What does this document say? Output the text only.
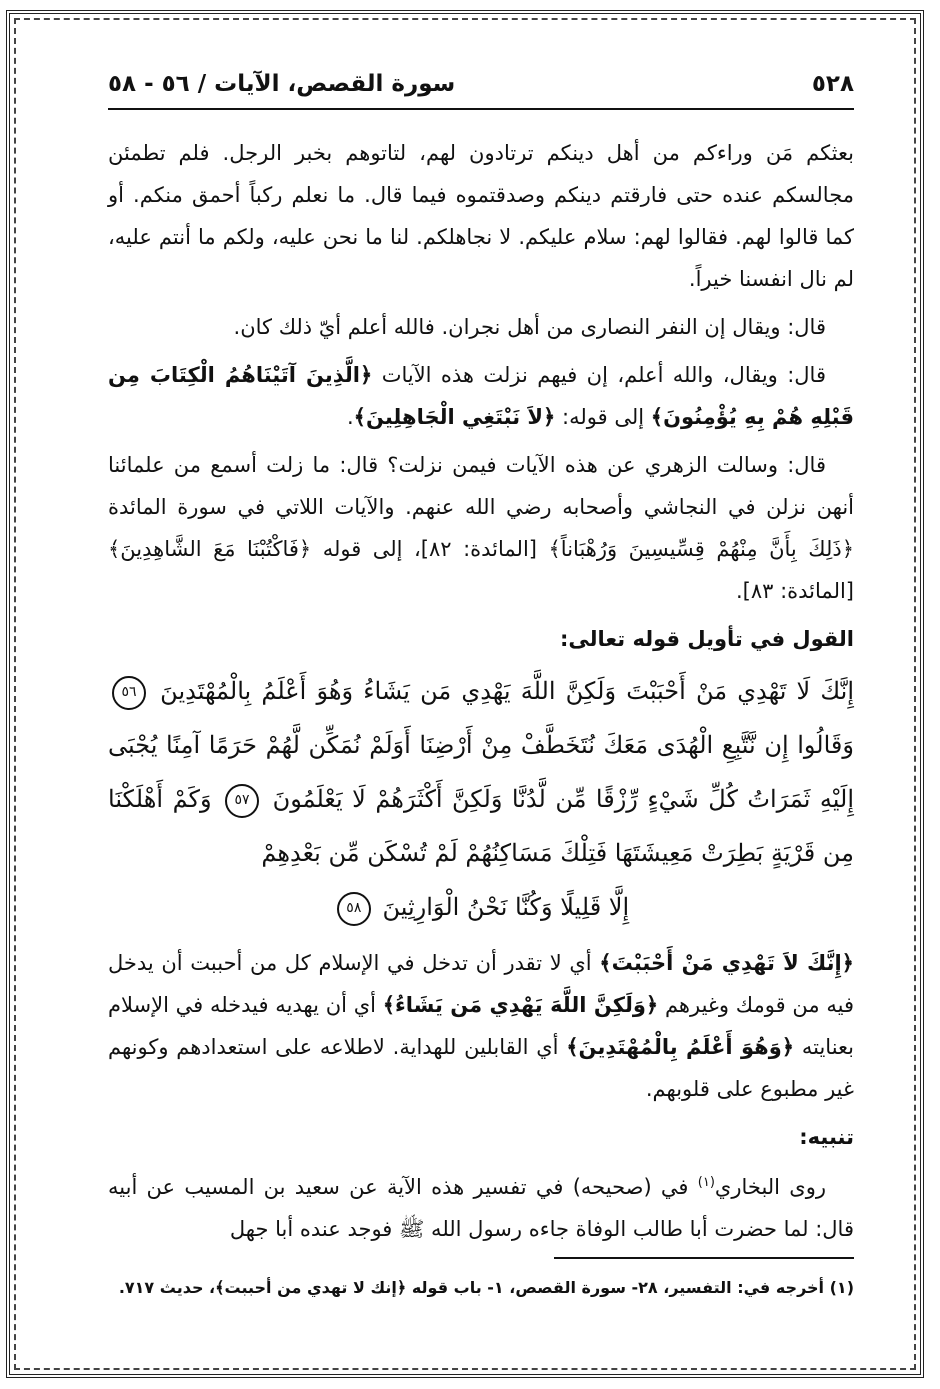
٥٢٨
سورة القصص، الآيات / ٥٦ - ٥٨

بعثكم مَن وراءكم من أهل دينكم ترتادون لهم، لتاتوهم بخبر الرجل. فلم تطمئن مجالسكم عنده حتى فارقتم دينكم وصدقتموه فيما قال. ما نعلم ركباً أحمق منكم. أو كما قالوا لهم. فقالوا لهم: سلام عليكم. لا نجاهلكم. لنا ما نحن عليه، ولكم ما أنتم عليه، لم نال انفسنا خيراً.

قال: ويقال إن النفر النصارى من أهل نجران. فالله أعلم أيّ ذلك كان.

قال: ويقال، والله أعلم، إن فيهم نزلت هذه الآيات ﴿الَّذِينَ آتَيْنَاهُمُ الْكِتَابَ مِن قَبْلِهِ هُمْ بِهِ يُؤْمِنُونَ﴾ إلى قوله: ﴿لاَ نَبْتَغِي الْجَاهِلِينَ﴾.

قال: وسالت الزهري عن هذه الآيات فيمن نزلت؟ قال: ما زلت أسمع من علمائنا أنهن نزلن في النجاشي وأصحابه رضي الله عنهم. والآيات اللاتي في سورة المائدة ﴿ذَلِكَ بِأَنَّ مِنْهُمْ قِسِّيسِينَ وَرُهْبَاناً﴾ [المائدة: ٨٢]، إلى قوله ﴿فَاكْتُبْنَا مَعَ الشَّاهِدِينَ﴾ [المائدة: ٨٣].

القول في تأويل قوله تعالى:
إِنَّكَ لَا تَهْدِي مَنْ أَحْبَبْتَ وَلَكِنَّ اللَّهَ يَهْدِي مَن يَشَاءُ وَهُوَ أَعْلَمُ بِالْمُهْتَدِينَ ٥٦ وَقَالُوا إِن نَّتَّبِعِ الْهُدَى مَعَكَ نُتَخَطَّفْ مِنْ أَرْضِنَا أَوَلَمْ نُمَكِّن لَّهُمْ حَرَمًا آمِنًا يُجْبَى إِلَيْهِ ثَمَرَاتُ كُلِّ شَيْءٍ رِّزْقًا مِّن لَّدُنَّا وَلَكِنَّ أَكْثَرَهُمْ لَا يَعْلَمُونَ ٥٧ وَكَمْ أَهْلَكْنَا مِن قَرْيَةٍ بَطِرَتْ مَعِيشَتَهَا فَتِلْكَ مَسَاكِنُهُمْ لَمْ تُسْكَن مِّن بَعْدِهِمْ
إِلَّا قَلِيلًا وَكُنَّا نَحْنُ الْوَارِثِينَ ٥٨

﴿إِنَّكَ لاَ تَهْدِي مَنْ أَحْبَبْتَ﴾ أي لا تقدر أن تدخل في الإسلام كل من أحببت أن يدخل فيه من قومك وغيرهم ﴿وَلَكِنَّ اللَّهَ يَهْدِي مَن يَشَاءُ﴾ أي أن يهديه فيدخله في الإسلام بعنايته ﴿وَهُوَ أَعْلَمُ بِالْمُهْتَدِينَ﴾ أي القابلين للهداية. لاطلاعه على استعدادهم وكونهم غير مطبوع على قلوبهم.

تنبيه:

روى البخاري$^{(١)}$ في (صحيحه) في تفسير هذه الآية عن سعيد بن المسيب عن أبيه قال: لما حضرت أبا طالب الوفاة جاءه رسول الله ﷺ فوجد عنده أبا جهل

(١) أخرجه في: التفسير، ٢٨- سورة القصص، ١- باب قوله ﴿إنك لا تهدي من أحببت﴾، حديث ٧١٧.
